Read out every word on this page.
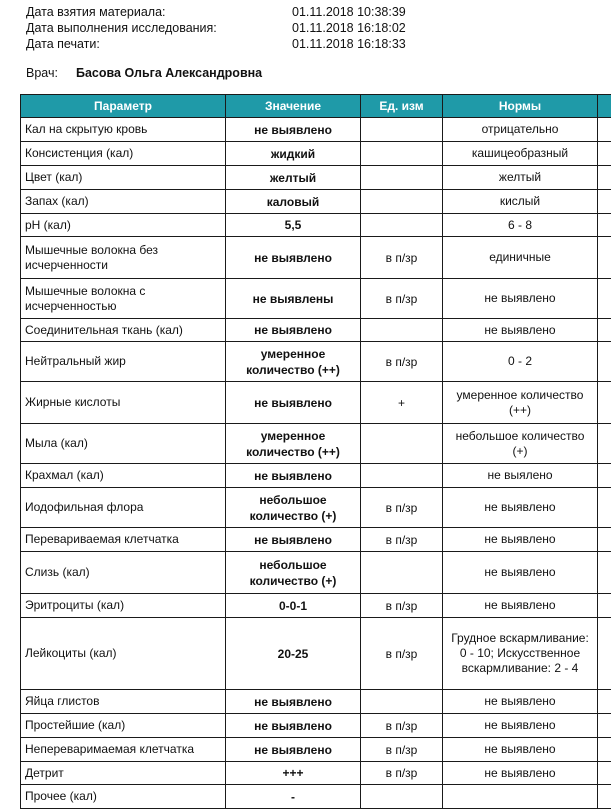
Дата взятия материала:	01.11.2018 10:38:39
Дата выполнения исследования:	01.11.2018 16:18:02
Дата печати:	01.11.2018 16:18:33
Врач:	Басова Ольга Александровна
Параметр	Значение	Ед. изм	Нормы	
Кал на скрытую кровь	не выявлено		отрицательно	
Консистенция (кал)	жидкий		кашицеобразный	
Цвет (кал)	желтый		желтый	
Запах (кал)	каловый		кислый	
pH (кал)	5,5		6 - 8	
Мышечные волокна без исчерченности	не выявлено	в п/зр	единичные	
Мышечные волокна с исчерченностью	не выявлены	в п/зр	не выявлено	
Соединительная ткань (кал)	не выявлено		не выявлено	
Нейтральный жир	умеренное количество (++)	в п/зр	0 - 2	
Жирные кислоты	не выявлено	+	умеренное количество (++)	
Мыла (кал)	умеренное количество (++)		небольшое количество (+)	
Крахмал (кал)	не выявлено		не выялено	
Иодофильная флора	небольшое количество (+)	в п/зр	не выявлено	
Перевариваемая клетчатка	не выявлено	в п/зр	не выявлено	
Слизь (кал)	небольшое количество (+)		не выявлено	
Эритроциты (кал)	0-0-1	в п/зр	не выявлено	
Лейкоциты (кал)	20-25	в п/зр	Грудное вскармливание: 0 - 10; Искусственное вскармливание: 2 - 4	
Яйца глистов	не выявлено		не выявлено	
Простейшие (кал)	не выявлено	в п/зр	не выявлено	
Непереваримаемая клетчатка	не выявлено	в п/зр	не выявлено	
Детрит	+++	в п/зр	не выявлено	
Прочее (кал)	-			
